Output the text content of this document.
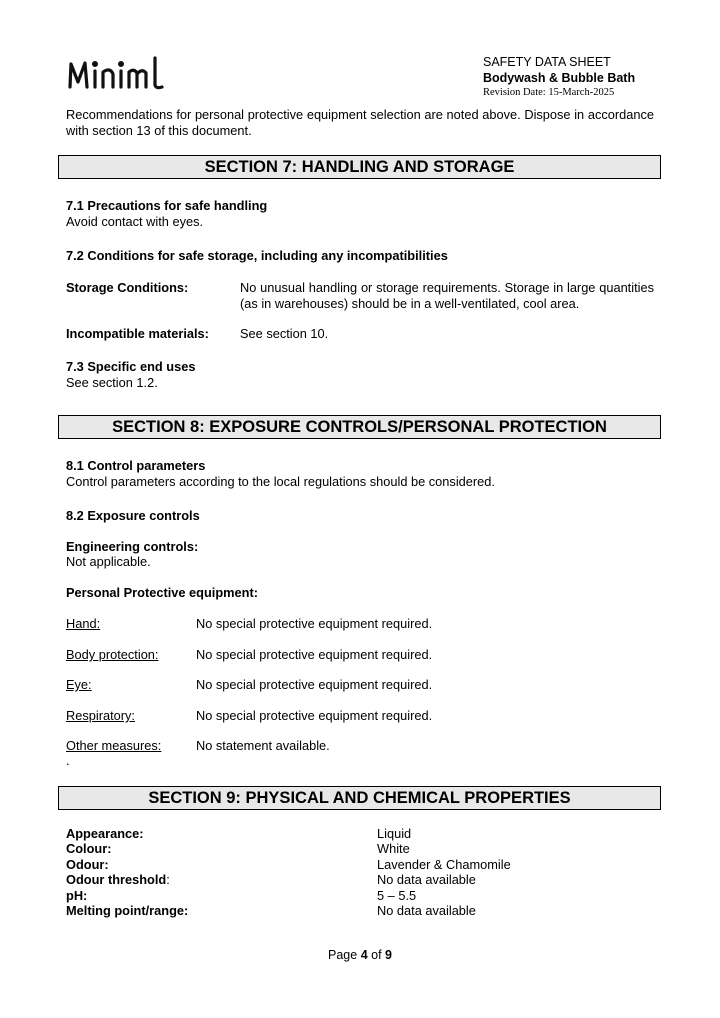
SAFETY DATA SHEET
Bodywash & Bubble Bath
Revision Date: 15-March-2025
Recommendations for personal protective equipment selection are noted above. Dispose in accordance with section 13 of this document.
SECTION 7: HANDLING AND STORAGE
7.1 Precautions for safe handling
Avoid contact with eyes.
7.2 Conditions for safe storage, including any incompatibilities
Storage Conditions:	No unusual handling or storage requirements. Storage in large quantities (as in warehouses) should be in a well-ventilated, cool area.
Incompatible materials: See section 10.
7.3 Specific end uses
See section 1.2.
SECTION 8: EXPOSURE CONTROLS/PERSONAL PROTECTION
8.1 Control parameters
Control parameters according to the local regulations should be considered.
8.2 Exposure controls
Engineering controls:
Not applicable.
Personal Protective equipment:
Hand:	No special protective equipment required.
Body protection:	No special protective equipment required.
Eye:	No special protective equipment required.
Respiratory:	No special protective equipment required.
Other measures:	No statement available.
.
SECTION 9: PHYSICAL AND CHEMICAL PROPERTIES
Appearance:	Liquid
Colour:	White
Odour:	Lavender & Chamomile
Odour threshold:	No data available
pH:	5 – 5.5
Melting point/range:	No data available
Page 4 of 9
